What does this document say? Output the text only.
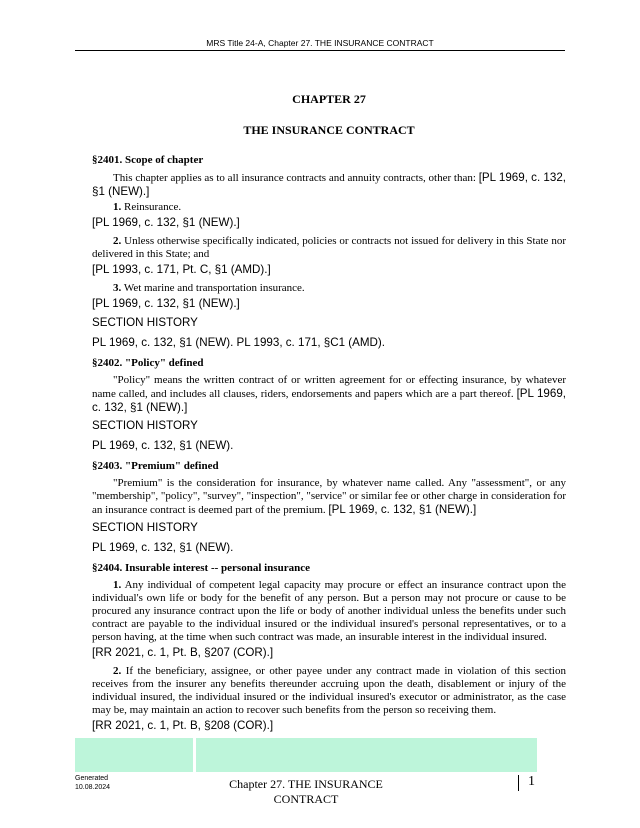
MRS Title 24-A, Chapter 27. THE INSURANCE CONTRACT
CHAPTER 27
THE INSURANCE CONTRACT
§2401. Scope of chapter

This chapter applies as to all insurance contracts and annuity contracts, other than: [PL 1969, c. 132, §1 (NEW).]

1. Reinsurance.

[PL 1969, c. 132, §1 (NEW).]

2. Unless otherwise specifically indicated, policies or contracts not issued for delivery in this State nor delivered in this State; and

[PL 1993, c. 171, Pt. C, §1 (AMD).]

3. Wet marine and transportation insurance.

[PL 1969, c. 132, §1 (NEW).]
SECTION HISTORY
PL 1969, c. 132, §1 (NEW). PL 1993, c. 171, §C1 (AMD).
§2402. "Policy" defined

"Policy" means the written contract of or written agreement for or effecting insurance, by whatever name called, and includes all clauses, riders, endorsements and papers which are a part thereof. [PL 1969, c. 132, §1 (NEW).]

SECTION HISTORY
PL 1969, c. 132, §1 (NEW).
§2403. "Premium" defined

"Premium" is the consideration for insurance, by whatever name called. Any "assessment", or any "membership", "policy", "survey", "inspection", "service" or similar fee or other charge in consideration for an insurance contract is deemed part of the premium. [PL 1969, c. 132, §1 (NEW).]

SECTION HISTORY
PL 1969, c. 132, §1 (NEW).
§2404. Insurable interest -- personal insurance

1. Any individual of competent legal capacity may procure or effect an insurance contract upon the individual's own life or body for the benefit of any person. But a person may not procure or cause to be procured any insurance contract upon the life or body of another individual unless the benefits under such contract are payable to the individual insured or the individual insured's personal representatives, or to a person having, at the time when such contract was made, an insurable interest in the individual insured.

[RR 2021, c. 1, Pt. B, §207 (COR).]

2. If the beneficiary, assignee, or other payee under any contract made in violation of this section receives from the insurer any benefits thereunder accruing upon the death, disablement or injury of the individual insured, the individual insured or the individual insured's executor or administrator, as the case may be, may maintain an action to recover such benefits from the person so receiving them.

[RR 2021, c. 1, Pt. B, §208 (COR).]
Generated
10.08.2024	Chapter 27. THE INSURANCE CONTRACT
1
